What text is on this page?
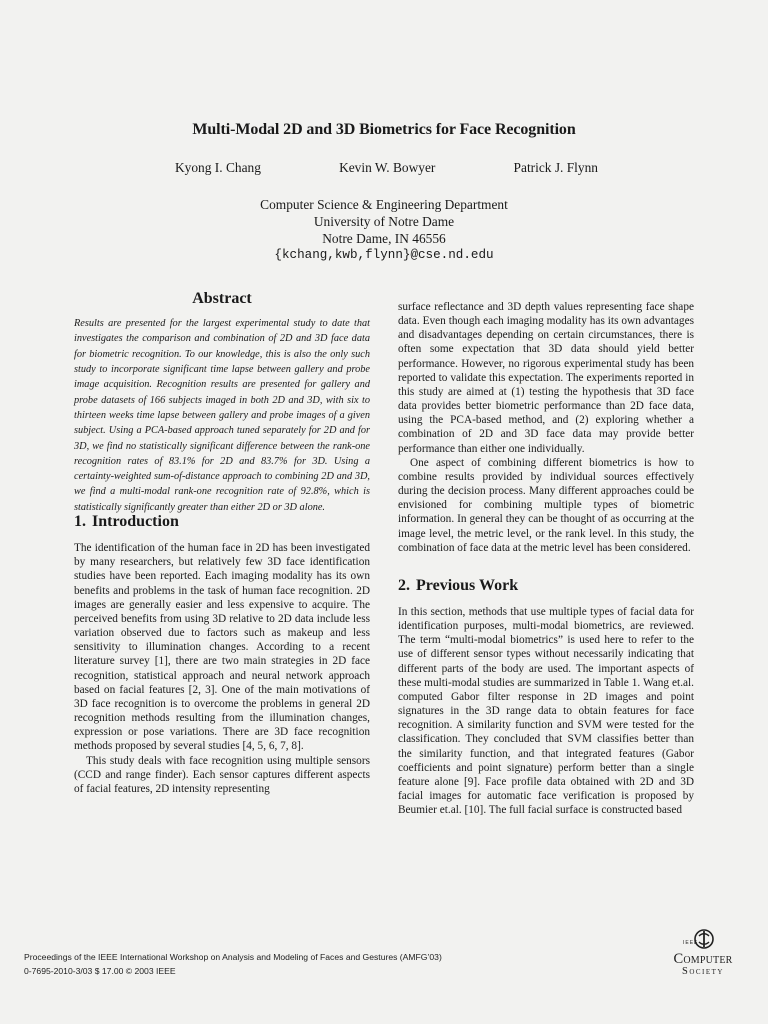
Multi-Modal 2D and 3D Biometrics for Face Recognition
Kyong I. Chang	Kevin W. Bowyer	Patrick J. Flynn
Computer Science & Engineering Department
University of Notre Dame
Notre Dame, IN 46556
{kchang,kwb,flynn}@cse.nd.edu
Abstract

Results are presented for the largest experimental study to date that investigates the comparison and combination of 2D and 3D face data for biometric recognition. To our knowledge, this is also the only such study to incorporate significant time lapse between gallery and probe image acquisition. Recognition results are presented for gallery and probe datasets of 166 subjects imaged in both 2D and 3D, with six to thirteen weeks time lapse between gallery and probe images of a given subject. Using a PCA-based approach tuned separately for 2D and for 3D, we find no statistically significant difference between the rank-one recognition rates of 83.1% for 2D and 83.7% for 3D. Using a certainty-weighted sum-of-distance approach to combining 2D and 3D, we find a multi-modal rank-one recognition rate of 92.8%, which is statistically significantly greater than either 2D or 3D alone.

1. Introduction

The identification of the human face in 2D has been investigated by many researchers, but relatively few 3D face identification studies have been reported. Each imaging modality has its own benefits and problems in the task of human face recognition. 2D images are generally easier and less expensive to acquire. The perceived benefits from using 3D relative to 2D data include less variation observed due to factors such as makeup and less sensitivity to illumination changes. According to a recent literature survey [1], there are two main strategies in 2D face recognition, statistical approach and neural network approach based on facial features [2, 3]. One of the main motivations of 3D face recognition is to overcome the problems in general 2D recognition methods resulting from the illumination changes, expression or pose variations. There are 3D face recognition methods proposed by several studies [4, 5, 6, 7, 8].

This study deals with face recognition using multiple sensors (CCD and range finder). Each sensor captures different aspects of facial features, 2D intensity representing

surface reflectance and 3D depth values representing face shape data. Even though each imaging modality has its own advantages and disadvantages depending on certain circumstances, there is often some expectation that 3D data should yield better performance. However, no rigorous experimental study has been reported to validate this expectation. The experiments reported in this study are aimed at (1) testing the hypothesis that 3D face data provides better biometric performance than 2D face data, using the PCA-based method, and (2) exploring whether a combination of 2D and 3D face data may provide better performance than either one individually.

One aspect of combining different biometrics is how to combine results provided by individual sources effectively during the decision process. Many different approaches could be envisioned for combining multiple types of biometric information. In general they can be thought of as occurring at the image level, the metric level, or the rank level. In this study, the combination of face data at the metric level has been considered.

2. Previous Work

In this section, methods that use multiple types of facial data for identification purposes, multi-modal biometrics, are reviewed. The term “multi-modal biometrics” is used here to refer to the use of different sensor types without necessarily indicating that different parts of the body are used. The important aspects of these multi-modal studies are summarized in Table 1. Wang et.al. computed Gabor filter response in 2D images and point signatures in the 3D range data to obtain features for face recognition. A similarity function and SVM were tested for the classification. They concluded that SVM classifies better than the similarity function, and that integrated features (Gabor coefficients and point signature) perform better than a single feature alone [9]. Face profile data obtained with 2D and 3D facial images for automatic face verification is proposed by Beumier et.al. [10]. The full facial surface is constructed based

Proceedings of the IEEE International Workshop on Analysis and Modeling of Faces and Gestures (AMFG’03)
0-7695-2010-3/03 $ 17.00 © 2003 IEEE
IEEE
Computer
Society
